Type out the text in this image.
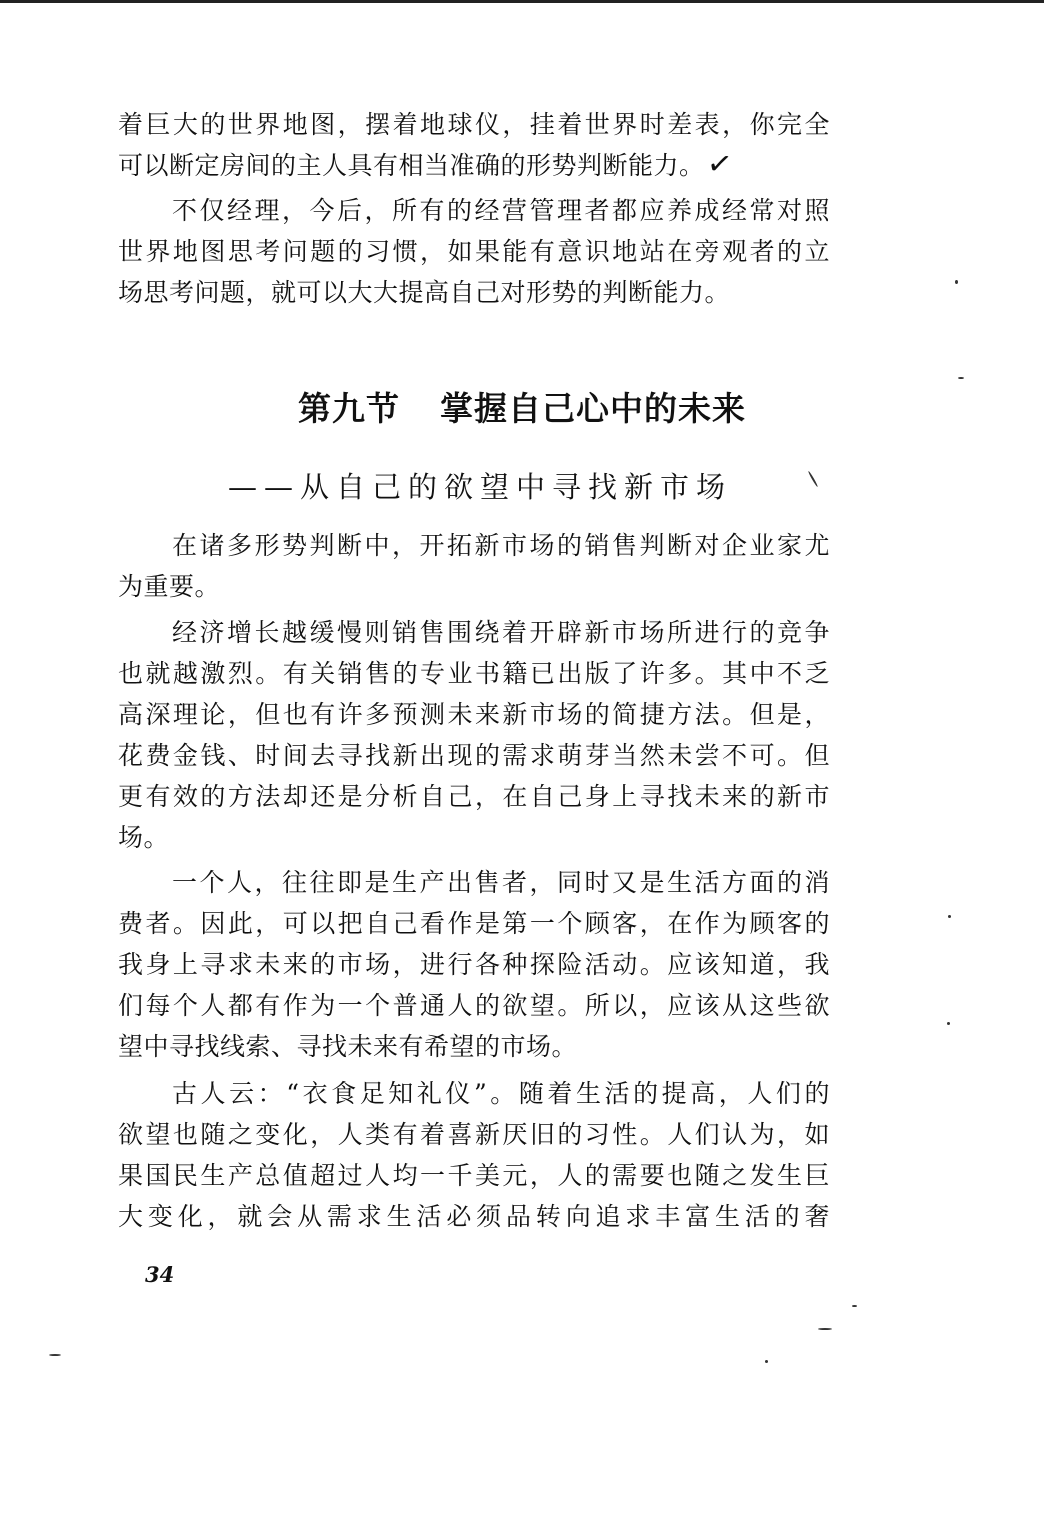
着巨大的世界地图，摆着地球仪，挂着世界时差表，你完全
可以断定房间的主人具有相当准确的形势判断能力。✓
不仅经理，今后，所有的经营管理者都应养成经常对照
世界地图思考问题的习惯，如果能有意识地站在旁观者的立
场思考问题，就可以大大提高自己对形势的判断能力。
第九节 掌握自己心中的未来
——从自己的欲望中寻找新市场
在诸多形势判断中，开拓新市场的销售判断对企业家尤
为重要。
经济增长越缓慢则销售围绕着开辟新市场所进行的竞争
也就越激烈。有关销售的专业书籍已出版了许多。其中不乏
高深理论，但也有许多预测未来新市场的简捷方法。但是，
花费金钱、时间去寻找新出现的需求萌芽当然未尝不可。但
更有效的方法却还是分析自己，在自己身上寻找未来的新市
场。
一个人，往往即是生产出售者，同时又是生活方面的消
费者。因此，可以把自己看作是第一个顾客，在作为顾客的
我身上寻求未来的市场，进行各种探险活动。应该知道，我
们每个人都有作为一个普通人的欲望。所以，应该从这些欲
望中寻找线索、寻找未来有希望的市场。
古人云：“衣食足知礼仪”。随着生活的提高，人们的
欲望也随之变化，人类有着喜新厌旧的习性。人们认为，如
果国民生产总值超过人均一千美元，人的需要也随之发生巨
大变化，就会从需求生活必须品转向追求丰富生活的奢
34
